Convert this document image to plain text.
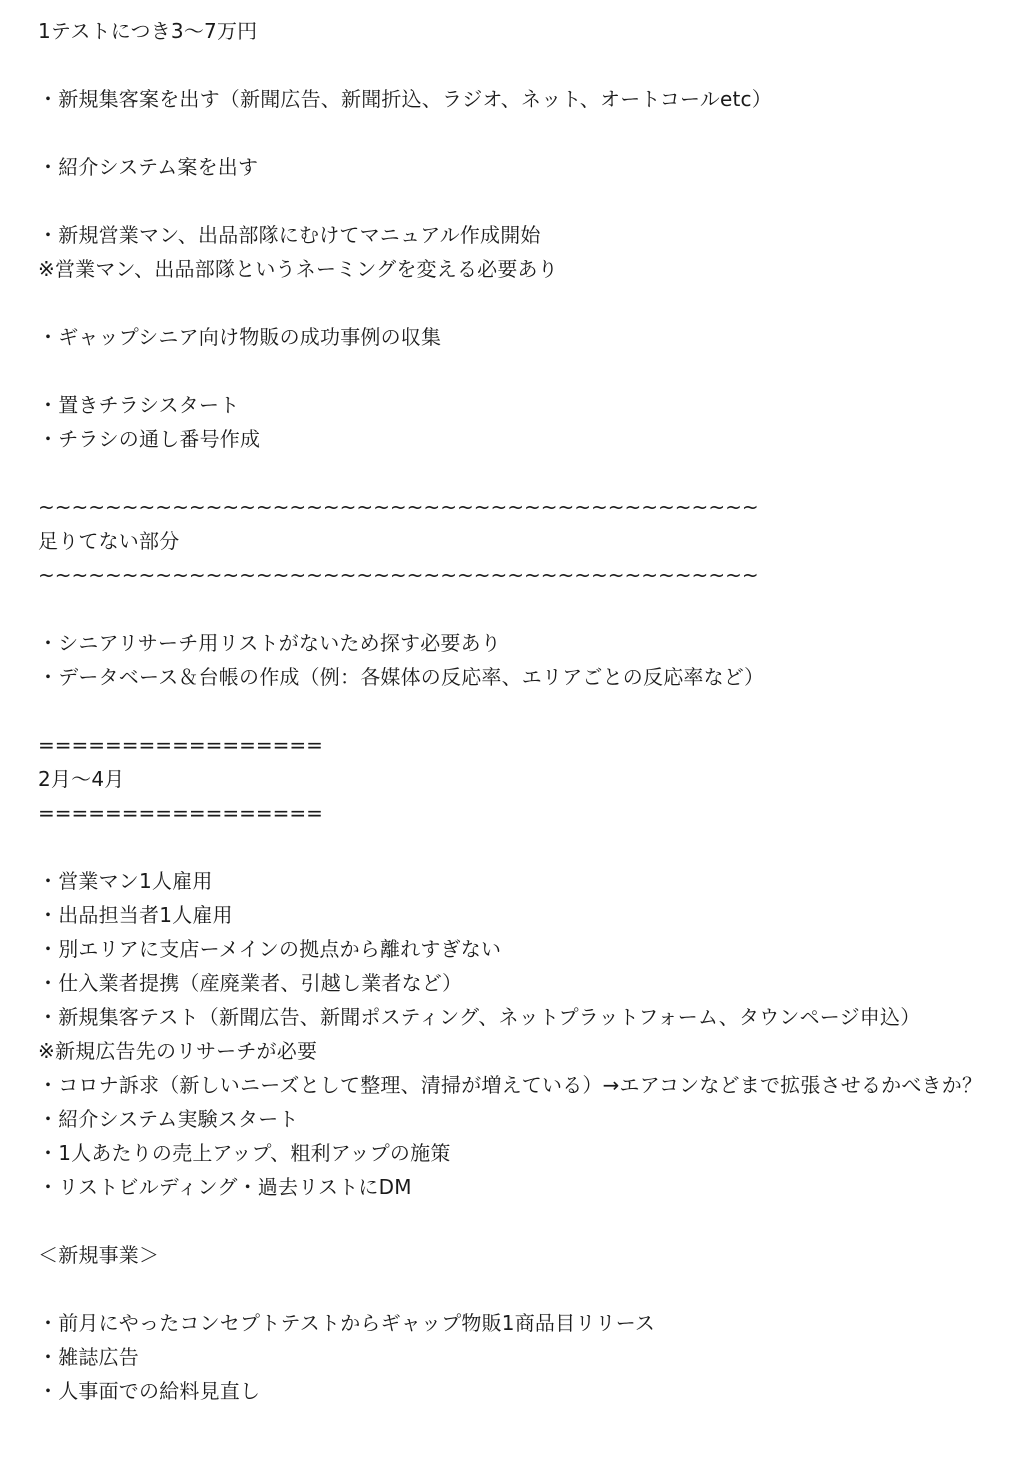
1テストにつき3〜7万円
・新規集客案を出す（新聞広告、新聞折込、ラジオ、ネット、オートコールetc）
・紹介システム案を出す
・新規営業マン、出品部隊にむけてマニュアル作成開始
※営業マン、出品部隊というネーミングを変える必要あり
・ギャップシニア向け物販の成功事例の収集
・置きチラシスタート
・チラシの通し番号作成
~~~~~~~~~~~~~~~~~~~~~~~~~~~~~~~~~~~~~~~~~~~
足りてない部分
~~~~~~~~~~~~~~~~~~~~~~~~~~~~~~~~~~~~~~~~~~~
・シニアリサーチ用リストがないため探す必要あり
・データベース＆台帳の作成（例：各媒体の反応率、エリアごとの反応率など）
=================
2月〜4月
=================
・営業マン1人雇用
・出品担当者1人雇用
・別エリアに支店ーメインの拠点から離れすぎない
・仕入業者提携（産廃業者、引越し業者など）
・新規集客テスト（新聞広告、新聞ポスティング、ネットプラットフォーム、タウンページ申込）
※新規広告先のリサーチが必要
・コロナ訴求（新しいニーズとして整理、清掃が増えている）→エアコンなどまで拡張させるかべきか？
・紹介システム実験スタート
・1人あたりの売上アップ、粗利アップの施策
・リストビルディング・過去リストにDM
＜新規事業＞
・前月にやったコンセプトテストからギャップ物販1商品目リリース
・雑誌広告
・人事面での給料見直し
